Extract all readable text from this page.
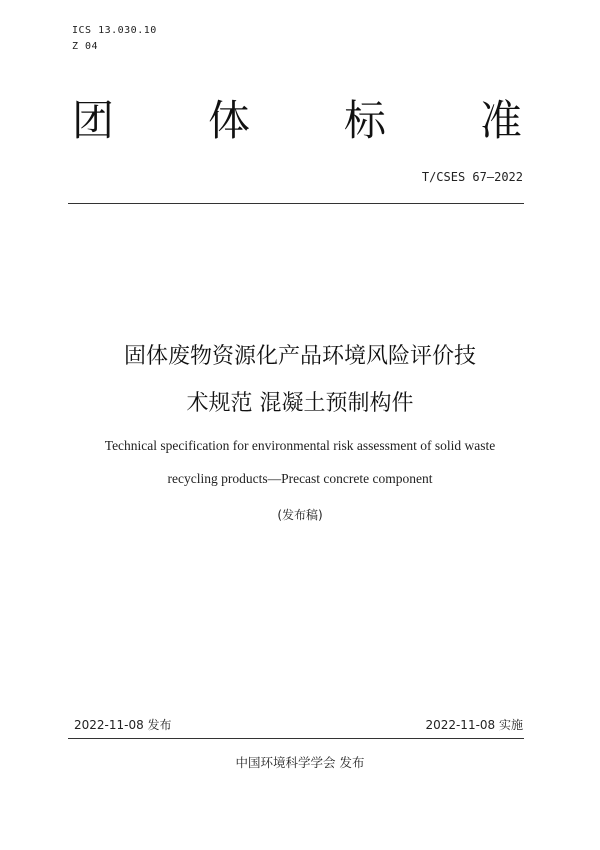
ICS 13.030.10
Z 04
团 体 标 准
T/CSES 67—2022
固体废物资源化产品环境风险评价技
术规范 混凝土预制构件
Technical specification for environmental risk assessment of solid waste
recycling products—Precast concrete component
(发布稿)
2022-11-08 发布	2022-11-08 实施
中国环境科学学会 发布
